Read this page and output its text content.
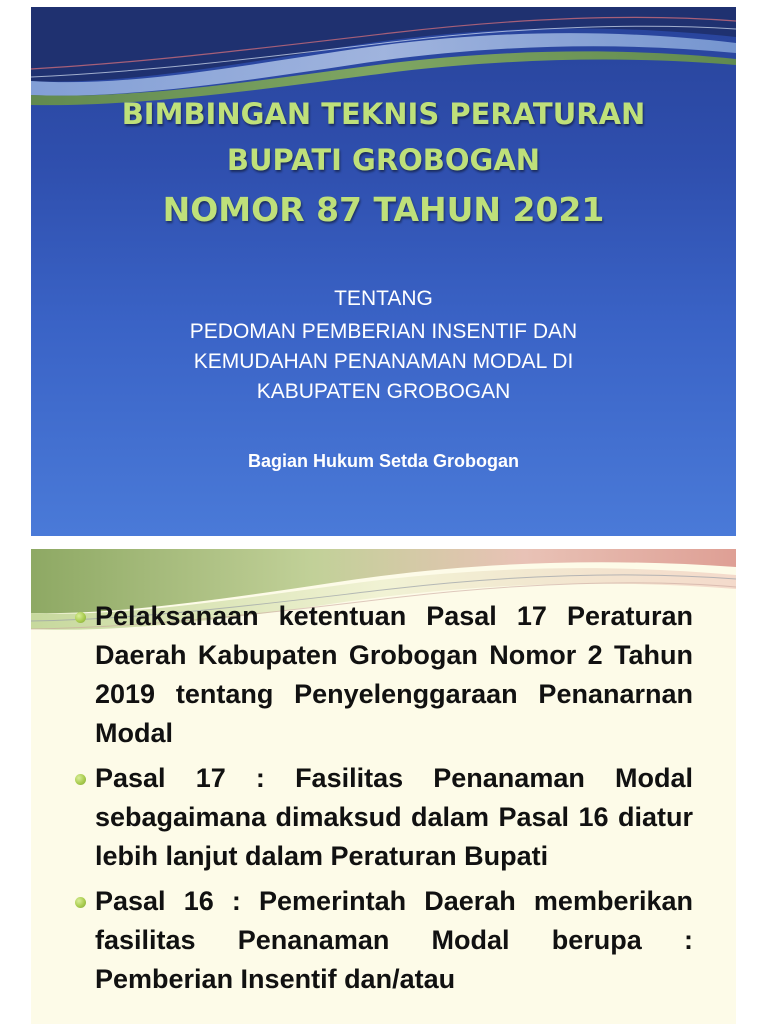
BIMBINGAN TEKNIS PERATURAN
BUPATI GROBOGAN
NOMOR 87 TAHUN 2021
TENTANG
PEDOMAN PEMBERIAN INSENTIF DAN
KEMUDAHAN PENANAMAN MODAL DI
KABUPATEN GROBOGAN
Bagian Hukum Setda Grobogan
Pelaksanaan ketentuan Pasal 17 Peraturan Daerah Kabupaten Grobogan Nomor 2 Tahun 2019 tentang Penyelenggaraan Penanarnan Modal
Pasal 17 : Fasilitas Penanaman Modal sebagaimana dimaksud dalam Pasal 16 diatur lebih lanjut dalam Peraturan Bupati
Pasal 16 : Pemerintah Daerah memberikan fasilitas Penanaman Modal berupa : Pemberian Insentif dan/atau
